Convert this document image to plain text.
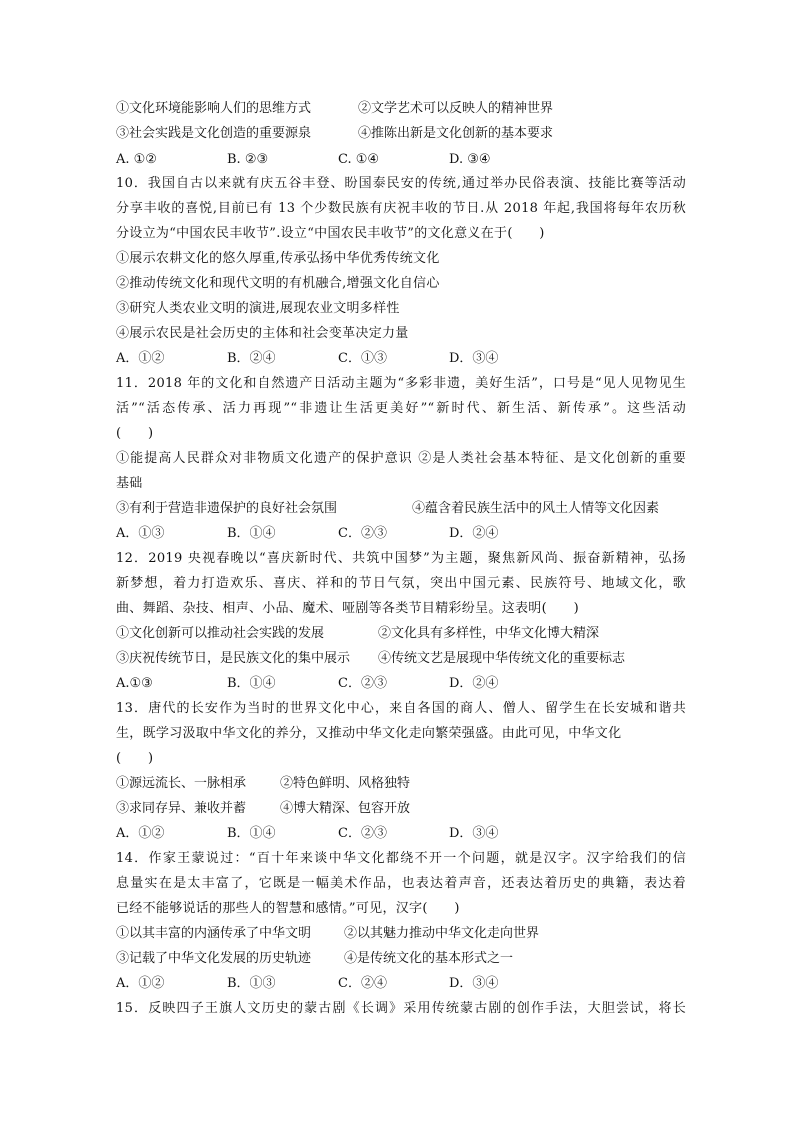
①文化环境能影响人们的思维方式	②文学艺术可以反映人的精神世界
③社会实践是文化创造的重要源泉	④推陈出新是文化创新的基本要求
A. ①②	B. ②③	C. ①④	D. ③④
10．我国自古以来就有庆五谷丰登、盼国泰民安的传统,通过举办民俗表演、技能比赛等活动
分享丰收的喜悦,目前已有 13 个少数民族有庆祝丰收的节日.从 2018 年起,我国将每年农历秋
分设立为“中国农民丰收节”.设立“中国农民丰收节”的文化意义在于(　　)
①展示农耕文化的悠久厚重,传承弘扬中华优秀传统文化
②推动传统文化和现代文明的有机融合,增强文化自信心
③研究人类农业文明的演进,展现农业文明多样性
④展示农民是社会历史的主体和社会变革决定力量
A．①②	B．②④	C．①③	D．③④
11．2018 年的文化和自然遗产日活动主题为“多彩非遗，美好生活”，口号是“见人见物见生
活”“活态传承、活力再现”“非遗让生活更美好”“新时代、新生活、新传承”。这些活动
(　　)
①能提高人民群众对非物质文化遗产的保护意识 ②是人类社会基本特征、是文化创新的重要
基础
③有利于营造非遗保护的良好社会氛围	④蕴含着民族生活中的风土人情等文化因素
A．①③	B．①④	C．②③	D．②④
12．2019 央视春晚以“喜庆新时代、共筑中国梦”为主题，聚焦新风尚、振奋新精神，弘扬
新梦想，着力打造欢乐、喜庆、祥和的节日气氛，突出中国元素、民族符号、地域文化，歌
曲、舞蹈、杂技、相声、小品、魔术、哑剧等各类节目精彩纷呈。这表明(　　)
①文化创新可以推动社会实践的发展	②文化具有多样性，中华文化博大精深
③庆祝传统节日，是民族文化的集中展示 ④传统文艺是展现中华传统文化的重要标志
A.①③	B．①④	C．②③	D．②④
13．唐代的长安作为当时的世界文化中心，来自各国的商人、僧人、留学生在长安城和谐共
生，既学习汲取中华文化的养分，又推动中华文化走向繁荣强盛。由此可见，中华文化
(　　)
①源远流长、一脉相承	②特色鲜明、风格独特
③求同存异、兼收并蓄	④博大精深、包容开放
A．①②	B．①④	C．②③	D．③④
14．作家王蒙说过：“百十年来谈中华文化都绕不开一个问题，就是汉字。汉字给我们的信
息量实在是太丰富了，它既是一幅美术作品，也表达着声音，还表达着历史的典籍，表达着
已经不能够说话的那些人的智慧和感情。”可见，汉字(　　)
①以其丰富的内涵传承了中华文明	②以其魅力推动中华文化走向世界
③记载了中华文化发展的历史轨迹	④是传统文化的基本形式之一
A．①②	B．①③	C．②④	D．③④
15．反映四子王旗人文历史的蒙古剧《长调》采用传统蒙古剧的创作手法，大胆尝试，将长
